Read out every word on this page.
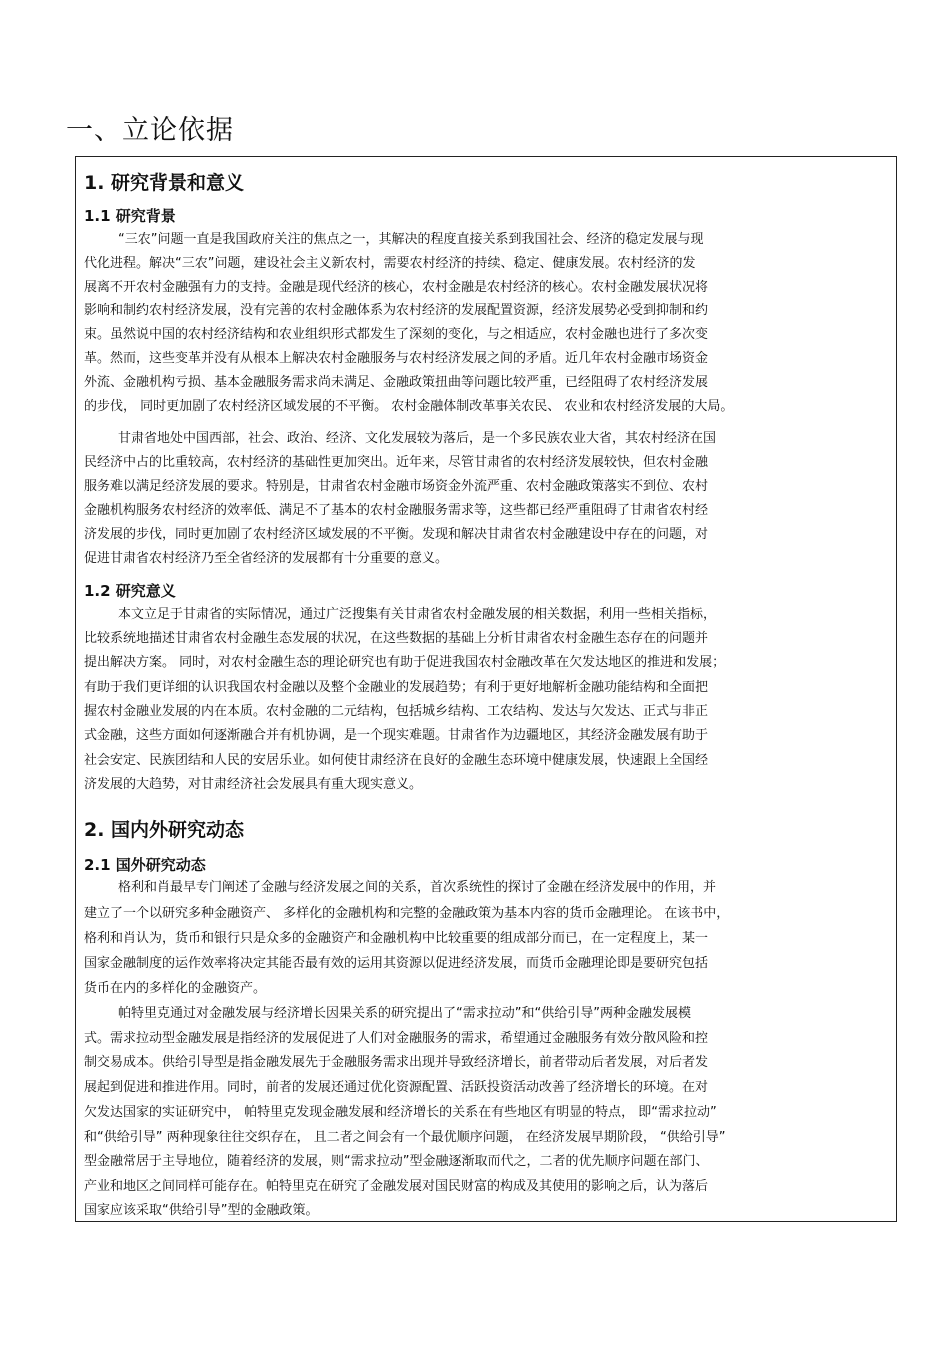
一、立论依据
1. 研究背景和意义
1.1 研究背景
“三农”问题一直是我国政府关注的焦点之一，其解决的程度直接关系到我国社会、经济的稳定发展与现
代化进程。解决“三农”问题，建设社会主义新农村，需要农村经济的持续、稳定、健康发展。农村经济的发
展离不开农村金融强有力的支持。金融是现代经济的核心，农村金融是农村经济的核心。农村金融发展状况将
影响和制约农村经济发展，没有完善的农村金融体系为农村经济的发展配置资源，经济发展势必受到抑制和约
束。虽然说中国的农村经济结构和农业组织形式都发生了深刻的变化，与之相适应，农村金融也进行了多次变
革。然而，这些变革并没有从根本上解决农村金融服务与农村经济发展之间的矛盾。近几年农村金融市场资金
外流、金融机构亏损、基本金融服务需求尚未满足、金融政策扭曲等问题比较严重，已经阻碍了农村经济发展
的步伐， 同时更加剧了农村经济区域发展的不平衡。 农村金融体制改革事关农民、 农业和农村经济发展的大局。
甘肃省地处中国西部，社会、政治、经济、文化发展较为落后，是一个多民族农业大省，其农村经济在国
民经济中占的比重较高，农村经济的基础性更加突出。近年来，尽管甘肃省的农村经济发展较快，但农村金融
服务难以满足经济发展的要求。特别是，甘肃省农村金融市场资金外流严重、农村金融政策落实不到位、农村
金融机构服务农村经济的效率低、满足不了基本的农村金融服务需求等，这些都已经严重阻碍了甘肃省农村经
济发展的步伐，同时更加剧了农村经济区域发展的不平衡。发现和解决甘肃省农村金融建设中存在的问题，对
促进甘肃省农村经济乃至全省经济的发展都有十分重要的意义。
1.2 研究意义
本文立足于甘肃省的实际情况，通过广泛搜集有关甘肃省农村金融发展的相关数据，利用一些相关指标，
比较系统地描述甘肃省农村金融生态发展的状况，在这些数据的基础上分析甘肃省农村金融生态存在的问题并
提出解决方案。 同时，对农村金融生态的理论研究也有助于促进我国农村金融改革在欠发达地区的推进和发展；
有助于我们更详细的认识我国农村金融以及整个金融业的发展趋势；有利于更好地解析金融功能结构和全面把
握农村金融业发展的内在本质。农村金融的二元结构，包括城乡结构、工农结构、发达与欠发达、正式与非正
式金融，这些方面如何逐渐融合并有机协调，是一个现实难题。甘肃省作为边疆地区，其经济金融发展有助于
社会安定、民族团结和人民的安居乐业。如何使甘肃经济在良好的金融生态环境中健康发展，快速跟上全国经
济发展的大趋势，对甘肃经济社会发展具有重大现实意义。
2. 国内外研究动态
2.1 国外研究动态
格利和肖最早专门阐述了金融与经济发展之间的关系，首次系统性的探讨了金融在经济发展中的作用，并
建立了一个以研究多种金融资产、 多样化的金融机构和完整的金融政策为基本内容的货币金融理论。 在该书中，
格利和肖认为，货币和银行只是众多的金融资产和金融机构中比较重要的组成部分而已，在一定程度上，某一
国家金融制度的运作效率将决定其能否最有效的运用其资源以促进经济发展，而货币金融理论即是要研究包括
货币在内的多样化的金融资产。
帕特里克通过对金融发展与经济增长因果关系的研究提出了“需求拉动”和“供给引导”两种金融发展模
式。需求拉动型金融发展是指经济的发展促进了人们对金融服务的需求，希望通过金融服务有效分散风险和控
制交易成本。供给引导型是指金融发展先于金融服务需求出现并导致经济增长，前者带动后者发展，对后者发
展起到促进和推进作用。同时，前者的发展还通过优化资源配置、活跃投资活动改善了经济增长的环境。在对
欠发达国家的实证研究中， 帕特里克发现金融发展和经济增长的关系在有些地区有明显的特点， 即“需求拉动”
和“供给引导” 两种现象往往交织存在， 且二者之间会有一个最优顺序问题， 在经济发展早期阶段， “供给引导”
型金融常居于主导地位，随着经济的发展，则“需求拉动”型金融逐渐取而代之，二者的优先顺序问题在部门、
产业和地区之间同样可能存在。帕特里克在研究了金融发展对国民财富的构成及其使用的影响之后，认为落后
国家应该采取“供给引导”型的金融政策。
